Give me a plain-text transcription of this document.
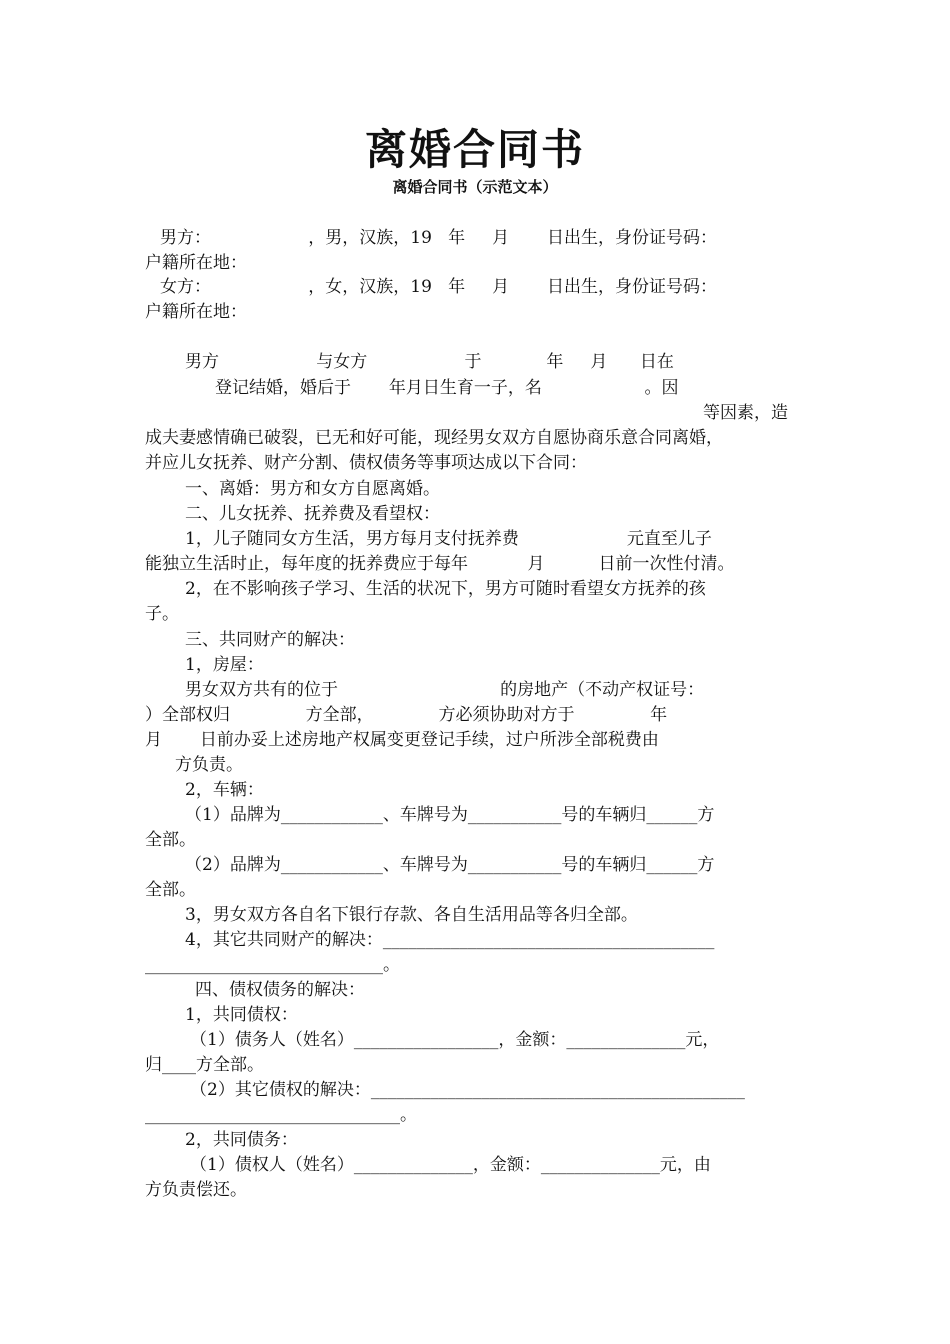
离婚合同书
离婚合同书（示范文本）
男方：                  ，男，汉族，19   年     月       日出生，身份证号码：
户籍所在地：
女方：                  ，女，汉族，19   年     月       日出生，身份证号码：
户籍所在地：
男方                  与女方                  于            年     月      日在
登记结婚，婚后于       年月日生育一子，名                   。因
等因素，造
成夫妻感情确已破裂，已无和好可能，现经男女双方自愿协商乐意合同离婚，
并应儿女抚养、财产分割、债权债务等事项达成以下合同：
一、离婚：男方和女方自愿离婚。
二、儿女抚养、抚养费及看望权：
1，儿子随同女方生活，男方每月支付抚养费                    元直至儿子
能独立生活时止，每年度的抚养费应于每年           月          日前一次性付清。
2，在不影响孩子学习、生活的状况下，男方可随时看望女方抚养的孩
子。
三、共同财产的解决：
1，房屋：
男女双方共有的位于                              的房地产（不动产权证号：
）全部权归              方全部，            方必须协助对方于              年
月       日前办妥上述房地产权属变更登记手续，过户所涉全部税费由
方负责。
2，车辆：
（1）品牌为____________、车牌号为___________号的车辆归______方
全部。
（2）品牌为____________、车牌号为___________号的车辆归______方
全部。
3，男女双方各自名下银行存款、各自生活用品等各归全部。
4，其它共同财产的解决：_______________________________________
____________________________。
四、债权债务的解决：
1，共同债权：
（1）债务人（姓名）_________________，金额：______________元，
归____方全部。
（2）其它债权的解决：____________________________________________
______________________________。
2，共同债务：
（1）债权人（姓名）______________，金额：______________元，由
方负责偿还。
